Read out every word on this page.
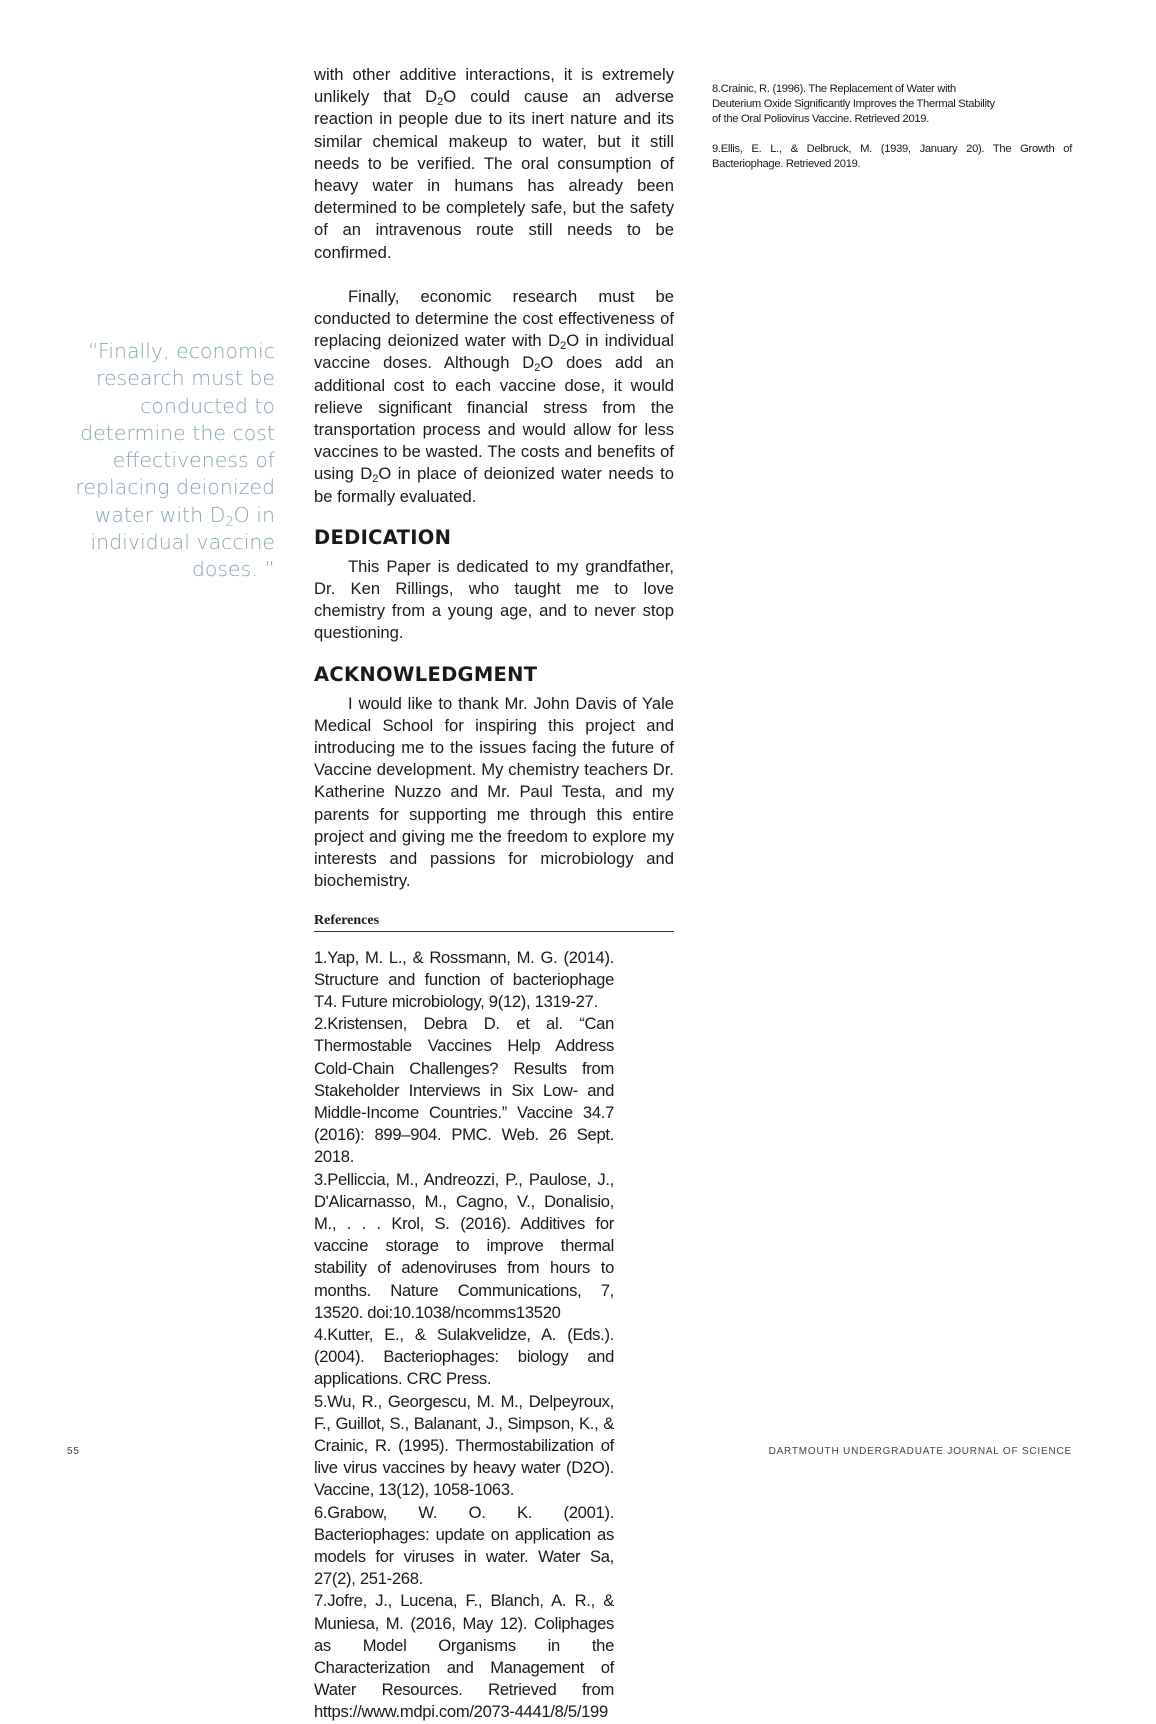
“Finally, economic research must be conducted to determine the cost effectiveness of replacing deionized water with $D_2O$ in individual vaccine doses. ”

with other additive interactions, it is extremely unlikely that $D_2O$ could cause an adverse reaction in people due to its inert nature and its similar chemical makeup to water, but it still needs to be verified. The oral consumption of heavy water in humans has already been determined to be completely safe, but the safety of an intravenous route still needs to be confirmed.

Finally, economic research must be conducted to determine the cost effectiveness of replacing deionized water with $D_2O$ in individual vaccine doses. Although $D_2O$ does add an additional cost to each vaccine dose, it would relieve significant financial stress from the transportation process and would allow for less vaccines to be wasted. The costs and benefits of using $D_2O$ in place of deionized water needs to be formally evaluated.

DEDICATION

This Paper is dedicated to my grandfather, Dr. Ken Rillings, who taught me to love chemistry from a young age, and to never stop questioning.

ACKNOWLEDGMENT

I would like to thank Mr. John Davis of Yale Medical School for inspiring this project and introducing me to the issues facing the future of Vaccine development. My chemistry teachers Dr. Katherine Nuzzo and Mr. Paul Testa, and my parents for supporting me through this entire project and giving me the freedom to explore my interests and passions for microbiology and biochemistry.

References

1.Yap, M. L., & Rossmann, M. G. (2014). Structure and function of bacteriophage T4. Future microbiology, 9(12), 1319-27.

2.Kristensen, Debra D. et al. “Can Thermostable Vaccines Help Address Cold-Chain Challenges? Results from Stakeholder Interviews in Six Low- and Middle-Income Countries.” Vaccine 34.7 (2016): 899–904. PMC. Web. 26 Sept. 2018.

3.Pelliccia, M., Andreozzi, P., Paulose, J., D'Alicarnasso, M., Cagno, V., Donalisio, M., . . . Krol, S. (2016). Additives for vaccine storage to improve thermal stability of adenoviruses from hours to months. Nature Communications, 7, 13520. doi:10.1038/ncomms13520

4.Kutter, E., & Sulakvelidze, A. (Eds.). (2004). Bacteriophages: biology and applications. CRC Press.

5.Wu, R., Georgescu, M. M., Delpeyroux, F., Guillot, S., Balanant, J., Simpson, K., & Crainic, R. (1995). Thermostabilization of live virus vaccines by heavy water (D2O). Vaccine, 13(12), 1058-1063.

6.Grabow, W. O. K. (2001). Bacteriophages: update on application as models for viruses in water. Water Sa, 27(2), 251-268.

7.Jofre, J., Lucena, F., Blanch, A. R., & Muniesa, M. (2016, May 12). Coliphages as Model Organisms in the Characterization and Management of Water Resources. Retrieved from https://www.mdpi.com/2073-4441/8/5/199

8.Crainic, R. (1996). The Replacement of Water with Deuterium Oxide Significantly Improves the Thermal Stability of the Oral Poliovirus Vaccine. Retrieved 2019.

9.Ellis, E. L., & Delbruck, M. (1939, January 20). The Growth of Bacteriophage. Retrieved 2019.

55	DARTMOUTH UNDERGRADUATE JOURNAL OF SCIENCE
